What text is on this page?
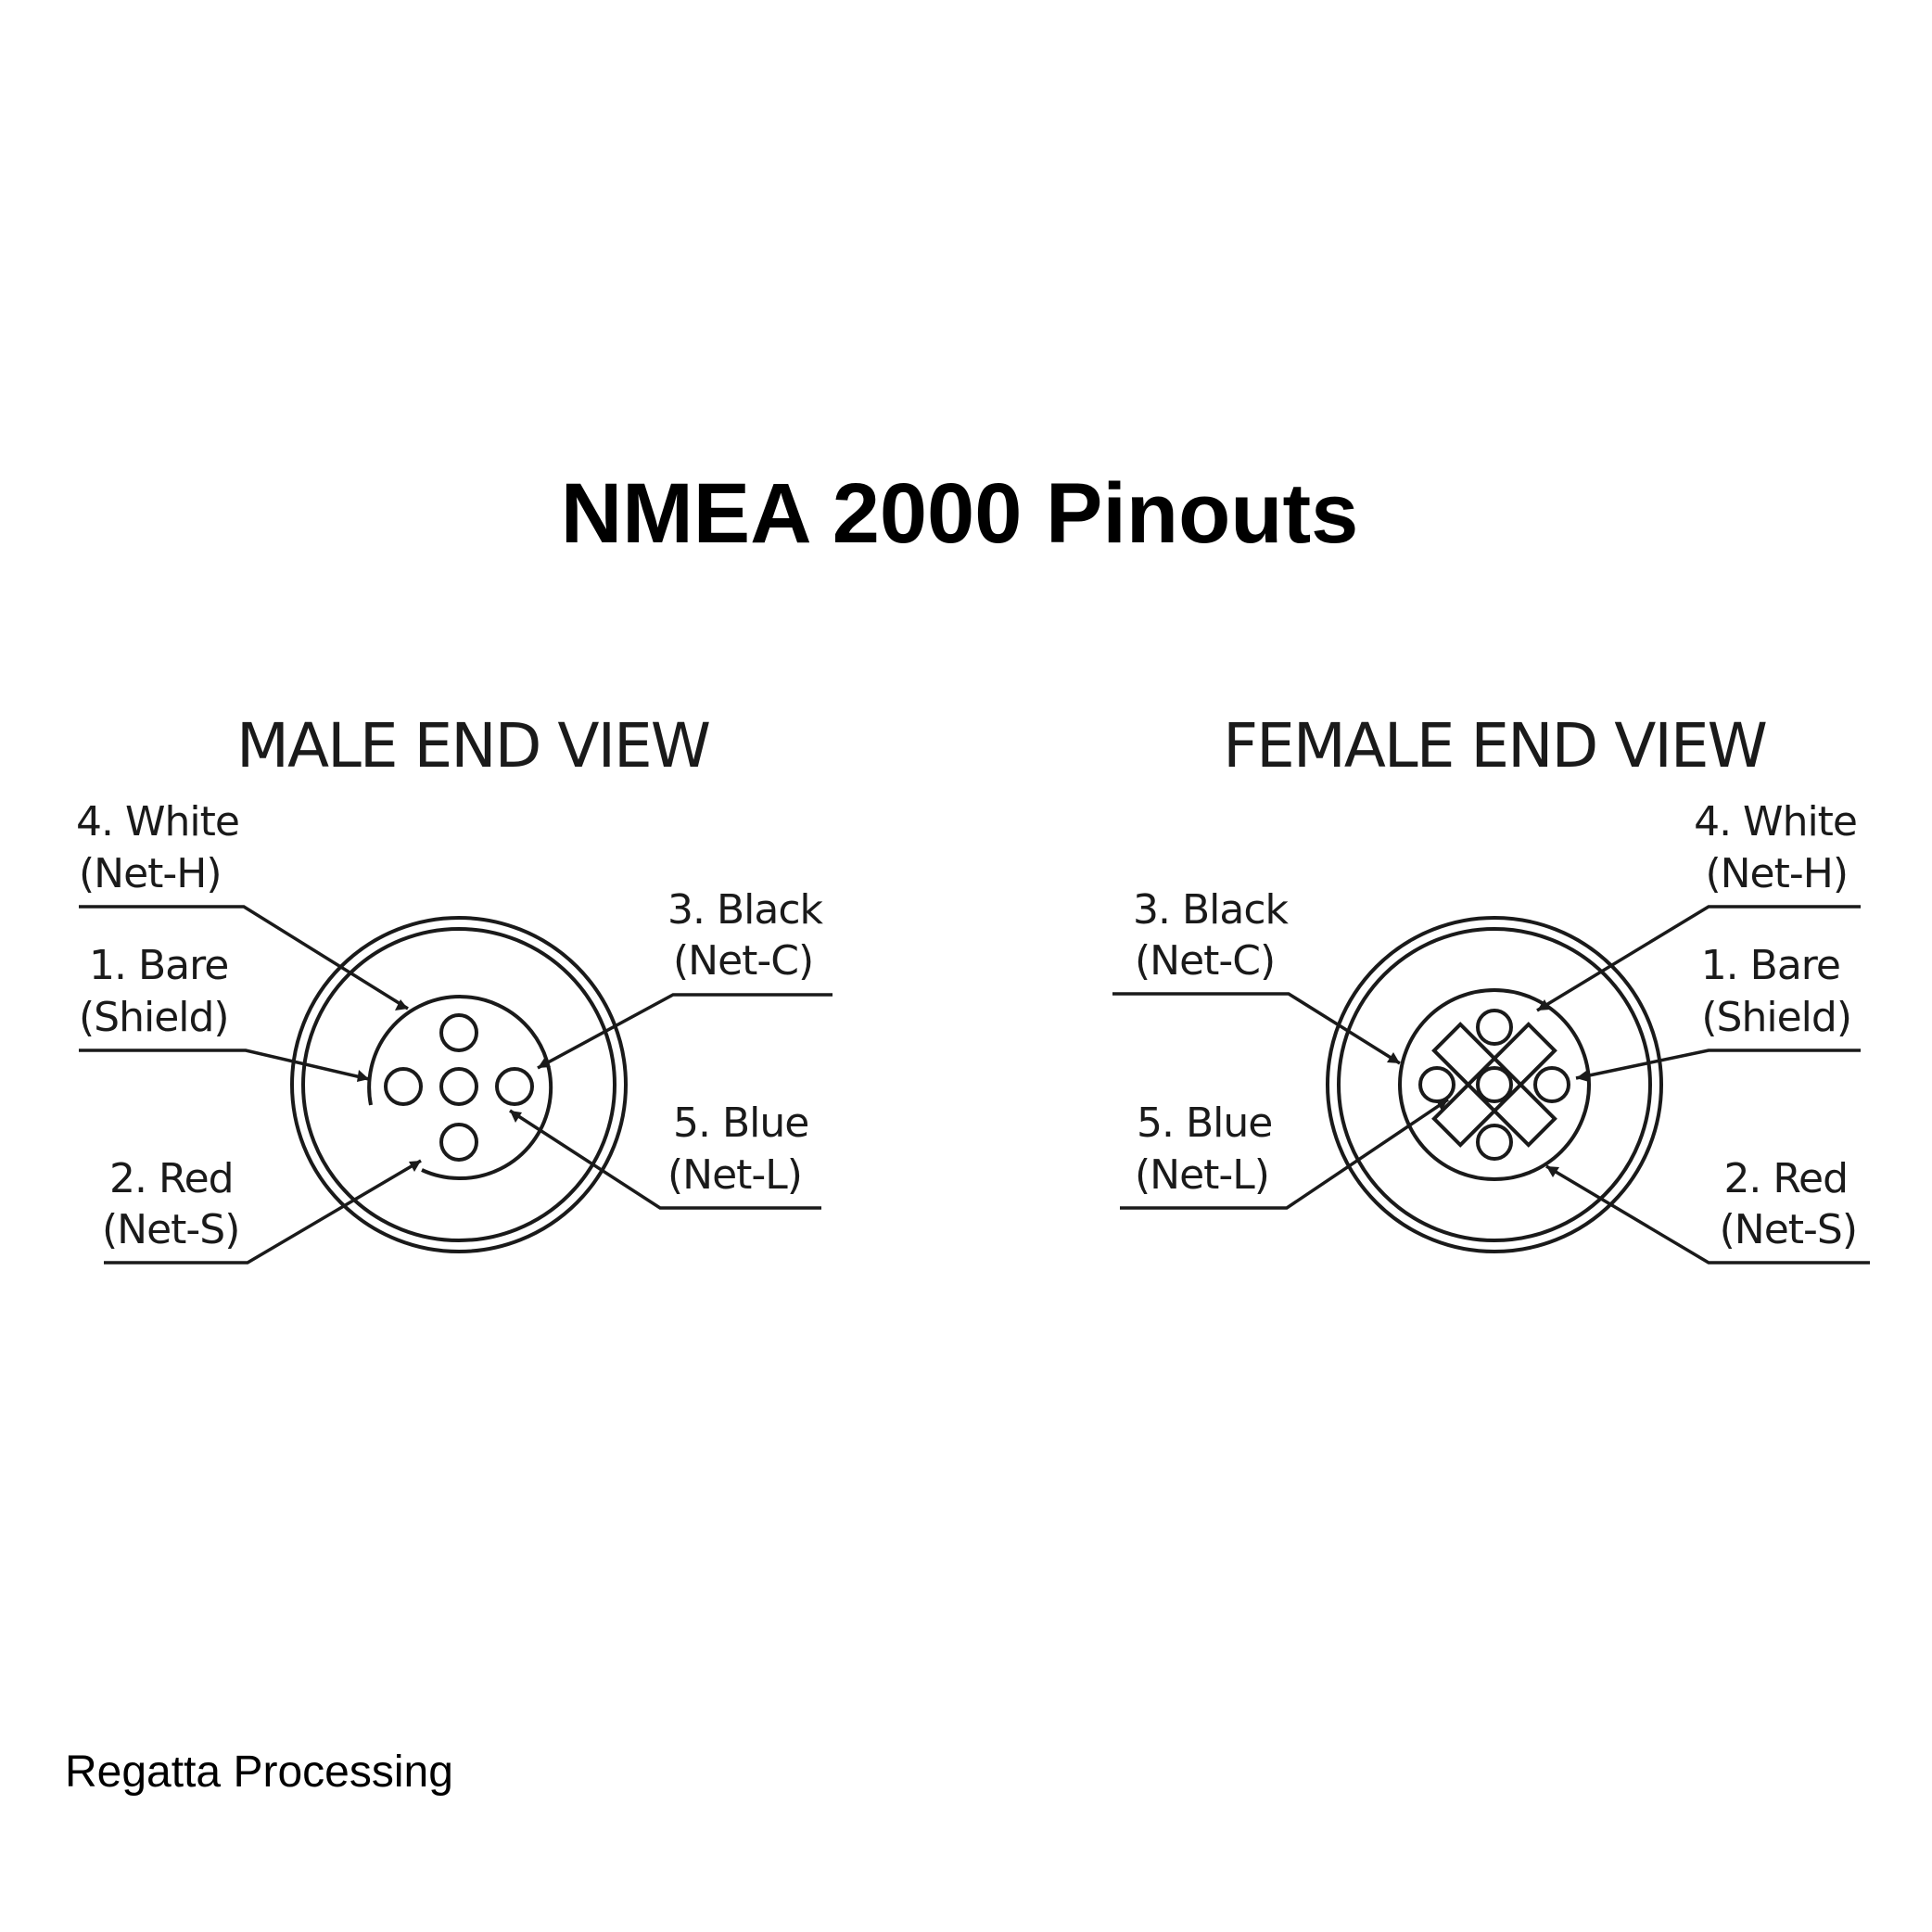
NMEA 2000 Pinouts
MALE END VIEW
4. White
(Net-H)
1. Bare
(Shield)
2. Red
(Net-S)
3. Black
(Net-C)
5. Blue
(Net-L)
FEMALE END VIEW
3. Black
(Net-C)
5. Blue
(Net-L)
4. White
(Net-H)
1. Bare
(Shield)
2. Red
(Net-S)
Regatta Processing
